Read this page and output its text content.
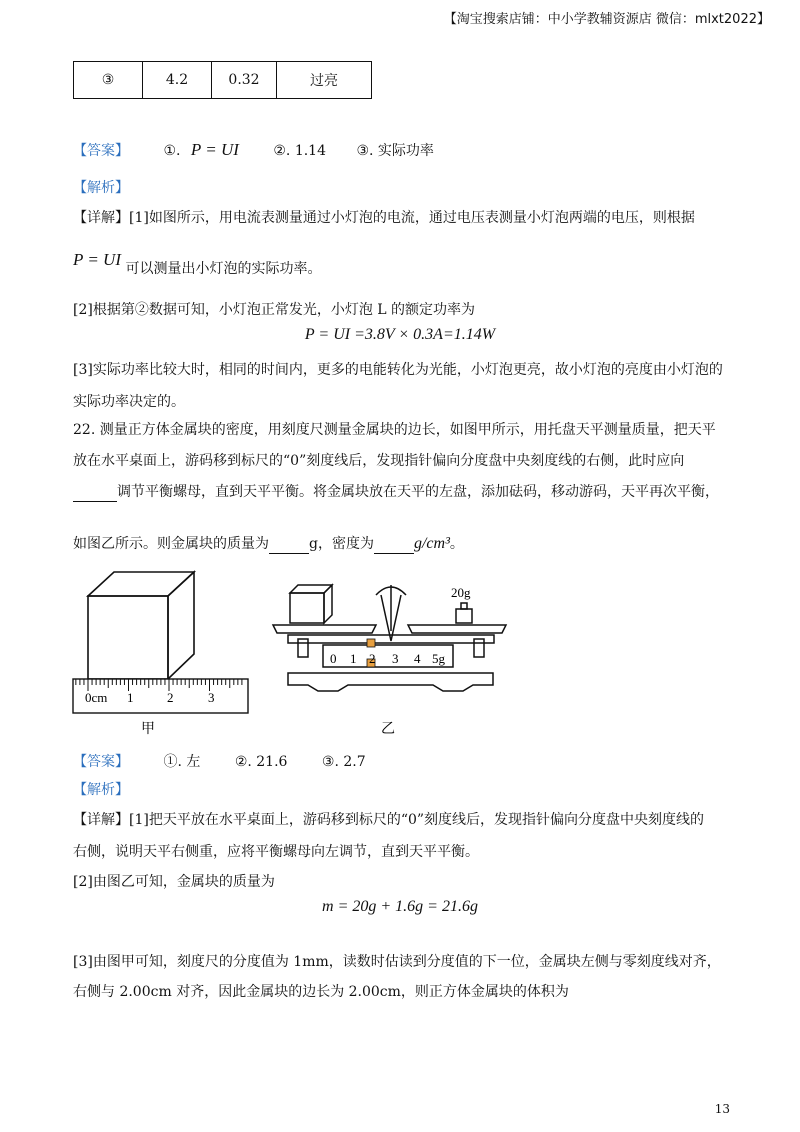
【淘宝搜索店铺：中小学教辅资源店 微信：mlxt2022】
③	4.2	0.32	过亮
【答案】 ①. P = UI ②. 1.14 ③. 实际功率
【解析】
【详解】[1]如图所示，用电流表测量通过小灯泡的电流，通过电压表测量小灯泡两端的电压，则根据
P = UI 可以测量出小灯泡的实际功率。
[2]根据第②数据可知，小灯泡正常发光，小灯泡 L 的额定功率为
P = UI =3.8V × 0.3A=1.14W
[3]实际功率比较大时，相同的时间内，更多的电能转化为光能，小灯泡更亮，故小灯泡的亮度由小灯泡的
实际功率决定的。
22. 测量正方体金属块的密度，用刻度尺测量金属块的边长，如图甲所示，用托盘天平测量质量，把天平
放在水平桌面上，游码移到标尺的“0”刻度线后，发现指针偏向分度盘中央刻度线的右侧，此时应向
调节平衡螺母，直到天平平衡。将金属块放在天平的左盘，添加砝码，移动游码，天平再次平衡，
如图乙所示。则金属块的质量为	g，密度为	g/cm³。
0cm 1	2	3
甲
20g
0 1 2 3 4 5g
乙
【答案】 ①. 左 ②. 21.6 ③. 2.7
【解析】
【详解】[1]把天平放在水平桌面上，游码移到标尺的“0”刻度线后，发现指针偏向分度盘中央刻度线的
右侧，说明天平右侧重，应将平衡螺母向左调节，直到天平平衡。
[2]由图乙可知，金属块的质量为
m = 20g + 1.6g = 21.6g
[3]由图甲可知，刻度尺的分度值为 1mm，读数时估读到分度值的下一位，金属块左侧与零刻度线对齐，
右侧与 2.00cm 对齐，因此金属块的边长为 2.00cm，则正方体金属块的体积为
13
